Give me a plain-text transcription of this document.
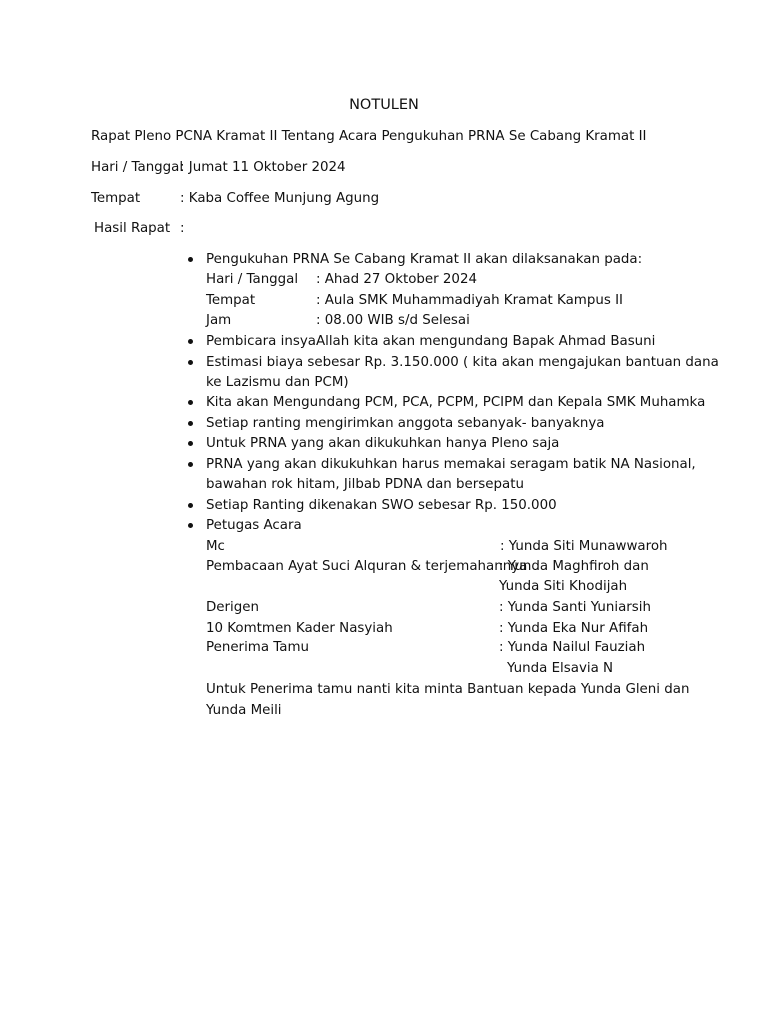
NOTULEN
Rapat Pleno PCNA Kramat II Tentang Acara Pengukuhan PRNA Se Cabang Kramat II
Hari / Tanggal
: Jumat 11 Oktober 2024
Tempat	: Kaba Coffee Munjung Agung
Hasil Rapat :
Pengukuhan PRNA Se Cabang Kramat II akan dilaksanakan pada:
Hari / Tanggal : Ahad 27 Oktober 2024
Tempat	: Aula SMK Muhammadiyah Kramat Kampus II
Jam	: 08.00 WIB s/d Selesai
Pembicara insyaAllah kita akan mengundang Bapak Ahmad Basuni
Estimasi biaya sebesar Rp. 3.150.000 ( kita akan mengajukan bantuan dana
ke Lazismu dan PCM)
Kita akan Mengundang PCM, PCA, PCPM, PCIPM dan Kepala SMK Muhamka
Setiap ranting mengirimkan anggota sebanyak- banyaknya
Untuk PRNA yang akan dikukuhkan hanya Pleno saja
PRNA yang akan dikukuhkan harus memakai seragam batik NA Nasional,
bawahan rok hitam, Jilbab PDNA dan bersepatu
Setiap Ranting dikenakan SWO sebesar Rp. 150.000
Petugas Acara
Mc	: Yunda Siti Munawwaroh
Pembacaan Ayat Suci Alquran & terjemahannya
: Yunda Maghfiroh dan
Yunda Siti Khodijah
Derigen	: Yunda Santi Yuniarsih
10 Komtmen Kader Nasyiah	: Yunda Eka Nur Afifah
Penerima Tamu	: Yunda Nailul Fauziah
Yunda Elsavia N
Untuk Penerima tamu nanti kita minta Bantuan kepada Yunda Gleni dan
Yunda Meili
